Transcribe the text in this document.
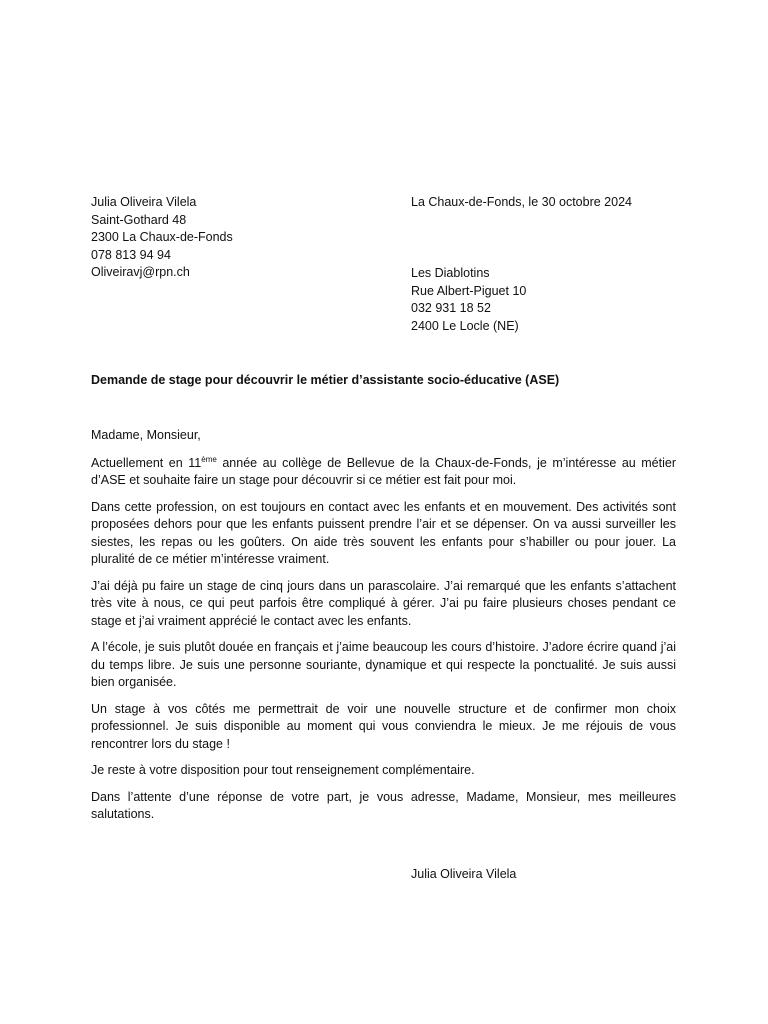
Julia Oliveira Vilela
Saint-Gothard 48
2300 La Chaux-de-Fonds
078 813 94 94
Oliveiravj@rpn.ch
La Chaux-de-Fonds, le 30 octobre 2024
Les Diablotins
Rue Albert-Piguet 10
032 931 18 52
2400 Le Locle (NE)
Demande de stage pour découvrir le métier d’assistante socio-éducative (ASE)

Madame, Monsieur,

Actuellement en 11ème année au collège de Bellevue de la Chaux-de-Fonds, je m’intéresse au métier d’ASE et souhaite faire un stage pour découvrir si ce métier est fait pour moi.

Dans cette profession, on est toujours en contact avec les enfants et en mouvement. Des activités sont proposées dehors pour que les enfants puissent prendre l’air et se dépenser. On va aussi surveiller les siestes, les repas ou les goûters. On aide très souvent les enfants pour s’habiller ou pour jouer. La pluralité de ce métier m’intéresse vraiment.

J’ai déjà pu faire un stage de cinq jours dans un parascolaire. J’ai remarqué que les enfants s’attachent très vite à nous, ce qui peut parfois être compliqué à gérer. J’ai pu faire plusieurs choses pendant ce stage et j’ai vraiment apprécié le contact avec les enfants.

A l’école, je suis plutôt douée en français et j’aime beaucoup les cours d’histoire. J’adore écrire quand j’ai du temps libre. Je suis une personne souriante, dynamique et qui respecte la ponctualité. Je suis aussi bien organisée.

Un stage à vos côtés me permettrait de voir une nouvelle structure et de confirmer mon choix professionnel. Je suis disponible au moment qui vous conviendra le mieux. Je me réjouis de vous rencontrer lors du stage !

Je reste à votre disposition pour tout renseignement complémentaire.

Dans l’attente d’une réponse de votre part, je vous adresse, Madame, Monsieur, mes meilleures salutations.

Julia Oliveira Vilela
